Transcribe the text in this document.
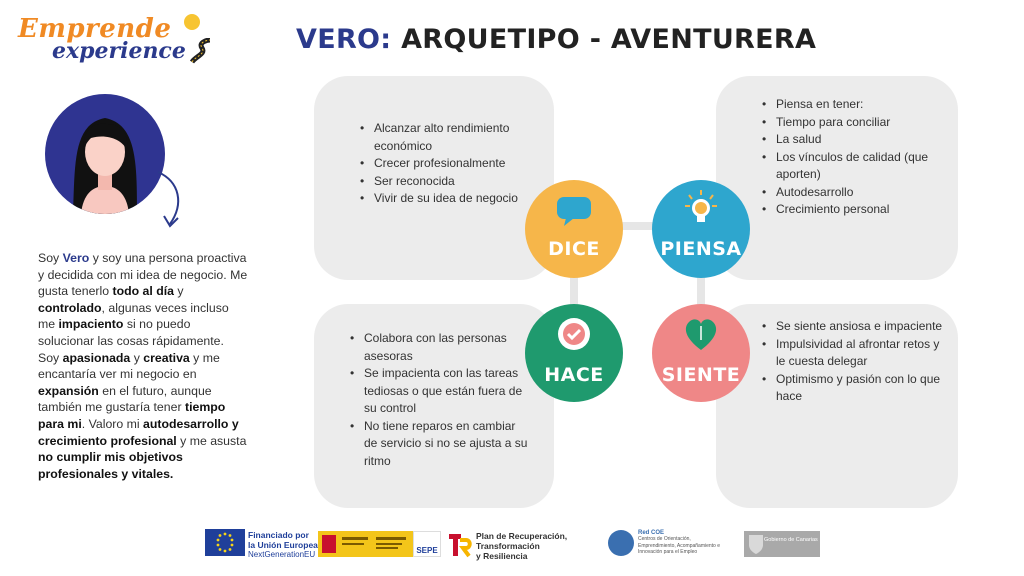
Emprende
experience	VERO: ARQUETIPO - AVENTURERA
Soy Vero y soy una persona proactiva y decidida con mi idea de negocio. Me gusta tenerlo todo al día y controlado, algunas veces incluso me impaciento si no puedo solucionar las cosas rápidamente. Soy apasionada y creativa y me encantaría ver mi negocio en expansión en el futuro, aunque también me gustaría tener tiempo para mi. Valoro mi autodesarrollo y crecimiento profesional y me asusta no cumplir mis objetivos profesionales y vitales.
• Alcanzar alto rendimiento económico
• Crecer profesionalmente
• Ser reconocida
• Vivir de su idea de negocio
• Piensa en tener:
• Tiempo para conciliar
• La salud
• Los vínculos de calidad (que aporten)
• Autodesarrollo
• Crecimiento personal
• Colabora con las personas asesoras
• Se impacienta con las tareas tediosas o que están fuera de su control
• No tiene reparos en cambiar de servicio si no se ajusta a su ritmo
• Se siente ansiosa e impaciente
• Impulsividad al afrontar retos y le cuesta delegar
• Optimismo y pasión con lo que hace
DICE	PIENSA
HACE	SIENTE
Financiado por
la Unión Europea
NextGenerationEU	SEPE
Plan de Recuperación,
Transformación
y Resiliencia
Red COE
Centros de Orientación, Emprendimiento, Acompañamiento e Innovación para el Empleo
Gobierno de Canarias
